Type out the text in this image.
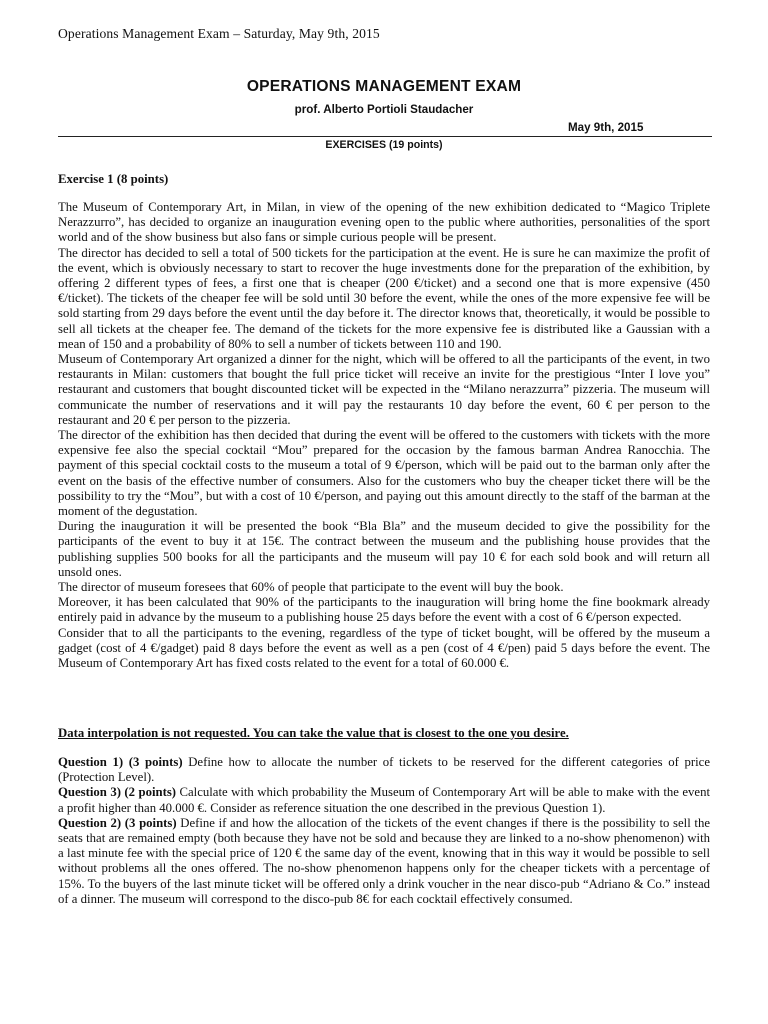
Operations Management Exam – Saturday, May 9th, 2015
OPERATIONS MANAGEMENT EXAM
prof. Alberto Portioli Staudacher
May 9th, 2015
EXERCISES (19 points)
Exercise 1 (8 points)

The Museum of Contemporary Art, in Milan, in view of the opening of the new exhibition dedicated to “Magico Triplete Nerazzurro”, has decided to organize an inauguration evening open to the public where authorities, personalities of the sport world and of the show business but also fans or simple curious people will be present.

The director has decided to sell a total of 500 tickets for the participation at the event. He is sure he can maximize the profit of the event, which is obviously necessary to start to recover the huge investments done for the preparation of the exhibition, by offering 2 different types of fees, a first one that is cheaper (200 €/ticket) and a second one that is more expensive (450 €/ticket). The tickets of the cheaper fee will be sold until 30 before the event, while the ones of the more expensive fee will be sold starting from 29 days before the event until the day before it. The director knows that, theoretically, it would be possible to sell all tickets at the cheaper fee. The demand of the tickets for the more expensive fee is distributed like a Gaussian with a mean of 150 and a probability of 80% to sell a number of tickets between 110 and 190.

Museum of Contemporary Art organized a dinner for the night, which will be offered to all the participants of the event, in two restaurants in Milan: customers that bought the full price ticket will receive an invite for the prestigious “Inter I love you” restaurant and customers that bought discounted ticket will be expected in the “Milano nerazzurra” pizzeria. The museum will communicate the number of reservations and it will pay the restaurants 10 day before the event, 60 € per person to the restaurant and 20 € per person to the pizzeria.

The director of the exhibition has then decided that during the event will be offered to the customers with tickets with the more expensive fee also the special cocktail “Mou” prepared for the occasion by the famous barman Andrea Ranocchia. The payment of this special cocktail costs to the museum a total of 9 €/person, which will be paid out to the barman only after the event on the basis of the effective number of consumers. Also for the customers who buy the cheaper ticket there will be the possibility to try the “Mou”, but with a cost of 10 €/person, and paying out this amount directly to the staff of the barman at the moment of the degustation.

During the inauguration it will be presented the book “Bla Bla” and the museum decided to give the possibility for the participants of the event to buy it at 15€. The contract between the museum and the publishing house provides that the publishing supplies 500 books for all the participants and the museum will pay 10 € for each sold book and will return all unsold ones.

The director of museum foresees that 60% of people that participate to the event will buy the book.

Moreover, it has been calculated that 90% of the participants to the inauguration will bring home the fine bookmark already entirely paid in advance by the museum to a publishing house 25 days before the event with a cost of 6 €/person expected.

Consider that to all the participants to the evening, regardless of the type of ticket bought, will be offered by the museum a gadget (cost of 4 €/gadget) paid 8 days before the event as well as a pen (cost of 4 €/pen) paid 5 days before the event. The Museum of Contemporary Art has fixed costs related to the event for a total of 60.000 €.

Data interpolation is not requested. You can take the value that is closest to the one you desire.

Question 1) (3 points) Define how to allocate the number of tickets to be reserved for the different categories of price (Protection Level).

Question 3) (2 points) Calculate with which probability the Museum of Contemporary Art will be able to make with the event a profit higher than 40.000 €. Consider as reference situation the one described in the previous Question 1).

Question 2) (3 points) Define if and how the allocation of the tickets of the event changes if there is the possibility to sell the seats that are remained empty (both because they have not be sold and because they are linked to a no-show phenomenon) with a last minute fee with the special price of 120 € the same day of the event, knowing that in this way it would be possible to sell without problems all the ones offered. The no-show phenomenon happens only for the cheaper tickets with a percentage of 15%. To the buyers of the last minute ticket will be offered only a drink voucher in the near disco-pub “Adriano & Co.” instead of a dinner. The museum will correspond to the disco-pub 8€ for each cocktail effectively consumed.
